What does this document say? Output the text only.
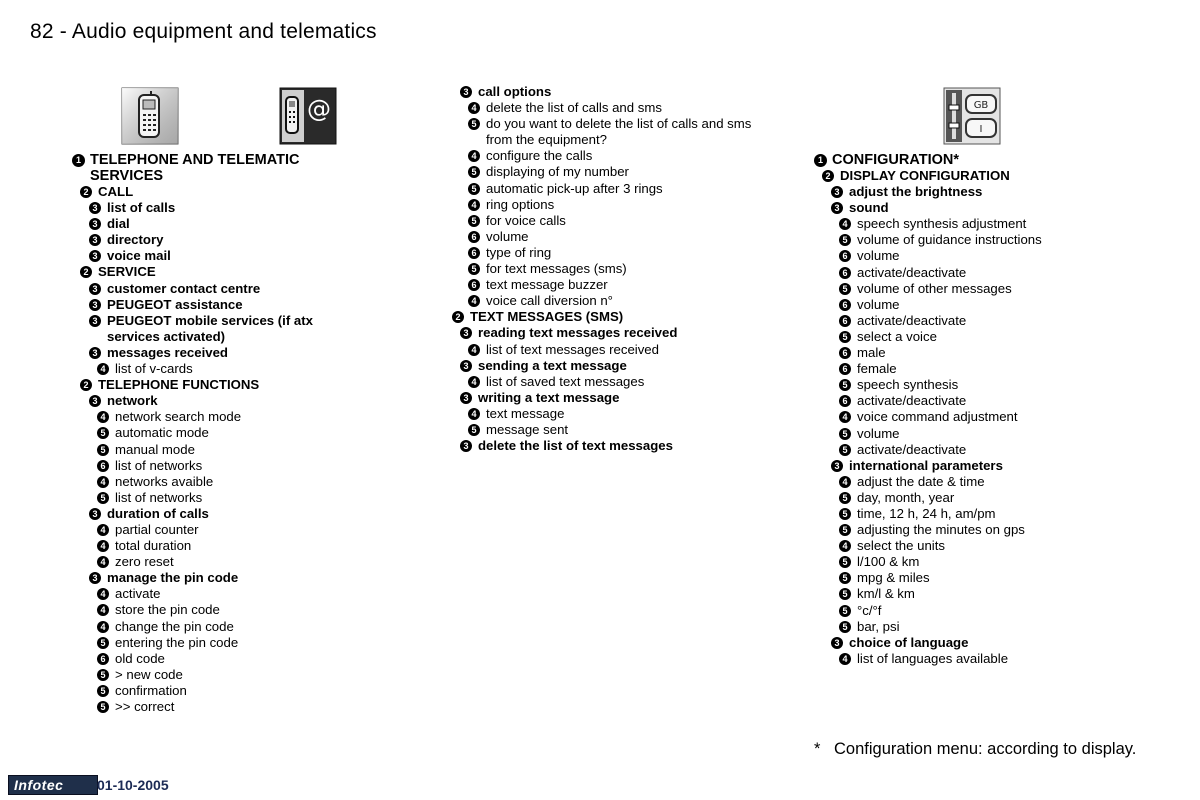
82 - Audio equipment and telematics
@	GB
I
1 TELEPHONE AND TELEMATIC SERVICES
2 CALL
3 list of calls
3 dial
3 directory
3 voice mail
2 SERVICE
3 customer contact centre
3 PEUGEOT assistance
3 PEUGEOT mobile services (if atx services activated)
3 messages received
4 list of v-cards
2 TELEPHONE FUNCTIONS
3 network
4 network search mode
5 automatic mode
5 manual mode
6 list of networks
4 networks avaible
5 list of networks
3 duration of calls
4 partial counter
4 total duration
4 zero reset
3 manage the pin code
4 activate
4 store the pin code
4 change the pin code
5 entering the pin code
6 old code
5 > new code
5 confirmation
5 >> correct
3 call options
4 delete the list of calls and sms
5 do you want to delete the list of calls and sms from the equipment?
4 configure the calls
5 displaying of my number
5 automatic pick-up after 3 rings
4 ring options
5 for voice calls
6 volume
6 type of ring
5 for text messages (sms)
6 text message buzzer
4 voice call diversion n°
2 TEXT MESSAGES (SMS)
3 reading text messages received
4 list of text messages received
3 sending a text message
4 list of saved text messages
3 writing a text message
4 text message
5 message sent
3 delete the list of text messages
1 CONFIGURATION*
2 DISPLAY CONFIGURATION
3 adjust the brightness
3 sound
4 speech synthesis adjustment
5 volume of guidance instructions
6 volume
6 activate/deactivate
5 volume of other messages
6 volume
6 activate/deactivate
5 select a voice
6 male
6 female
5 speech synthesis
6 activate/deactivate
4 voice command adjustment
5 volume
5 activate/deactivate
3 international parameters
4 adjust the date & time
5 day, month, year
5 time, 12 h, 24 h, am/pm
5 adjusting the minutes on gps
4 select the units
5 l/100 & km
5 mpg & miles
5 km/l & km
5 °c/°f
5 bar, psi
3 choice of language
4 list of languages available
* Configuration menu: according to display.
Infotec	01-10-2005
